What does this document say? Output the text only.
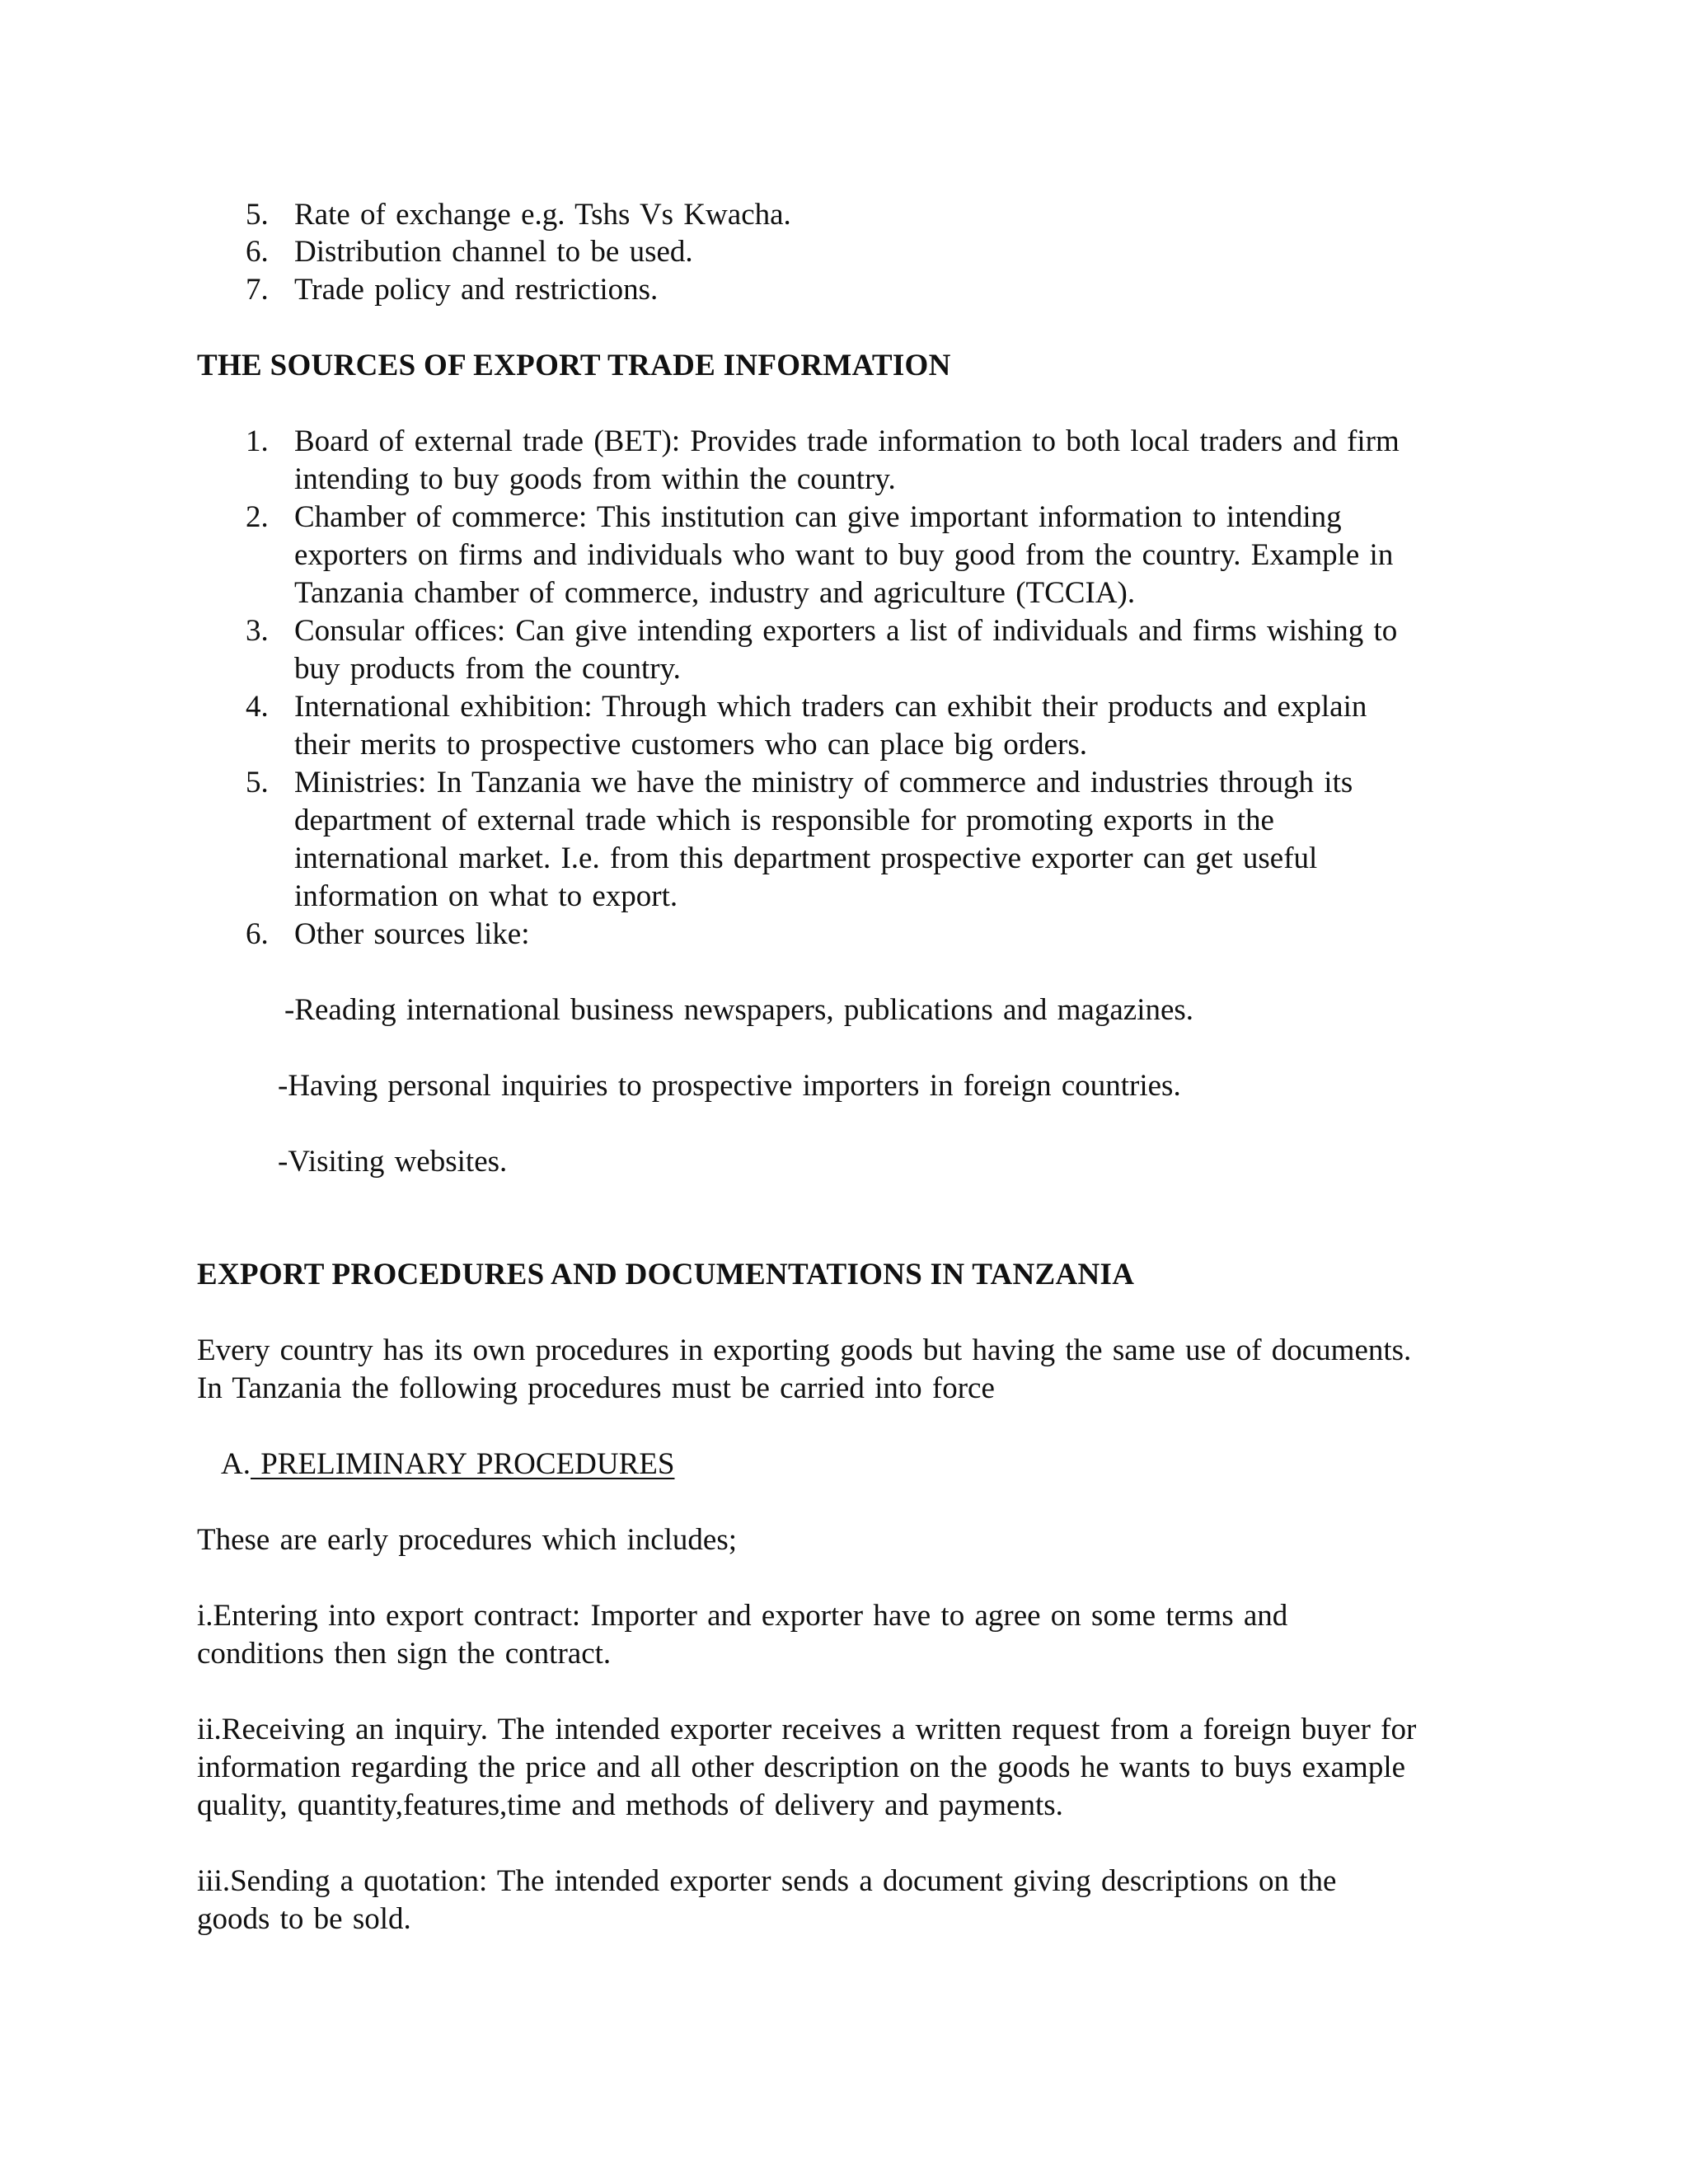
5. Rate of exchange e.g. Tshs Vs Kwacha.
6. Distribution channel to be used.
7. Trade policy and restrictions.
THE SOURCES OF EXPORT TRADE INFORMATION
1. Board of external trade (BET): Provides trade information to both local traders and firm
intending to buy goods from within the country.
2. Chamber of commerce: This institution can give important information to intending
exporters on firms and individuals who want to buy good from the country. Example in
Tanzania chamber of commerce, industry and agriculture (TCCIA).
3. Consular offices: Can give intending exporters a list of individuals and firms wishing to
buy products from the country.
4. International exhibition: Through which traders can exhibit their products and explain
their merits to prospective customers who can place big orders.
5. Ministries: In Tanzania we have the ministry of commerce and industries through its
department of external trade which is responsible for promoting exports in the
international market. I.e. from this department prospective exporter can get useful
information on what to export.
6. Other sources like:
-Reading international business newspapers, publications and magazines.
-Having personal inquiries to prospective importers in foreign countries.
-Visiting websites.
EXPORT PROCEDURES AND DOCUMENTATIONS IN TANZANIA
Every country has its own procedures in exporting goods but having the same use of documents.
In Tanzania the following procedures must be carried into force
A. PRELIMINARY PROCEDURES
These are early procedures which includes;
i.Entering into export contract: Importer and exporter have to agree on some terms and
conditions then sign the contract.
ii.Receiving an inquiry. The intended exporter receives a written request from a foreign buyer for
information regarding the price and all other description on the goods he wants to buys example
quality, quantity,features,time and methods of delivery and payments.
iii.Sending a quotation: The intended exporter sends a document giving descriptions on the
goods to be sold.
